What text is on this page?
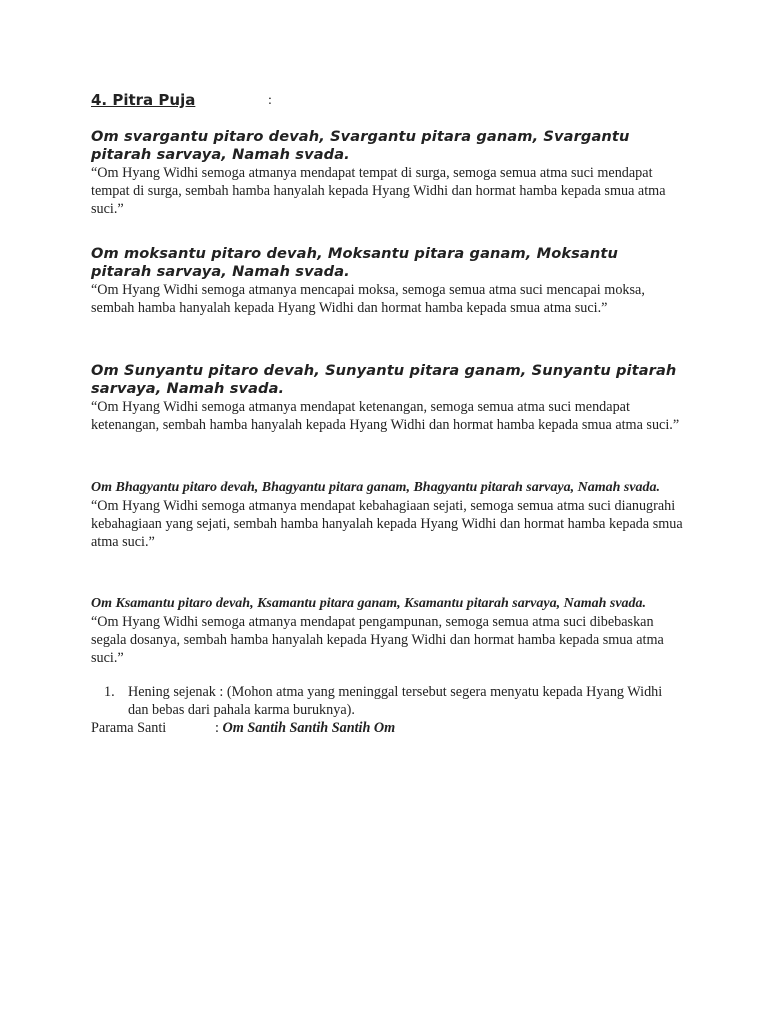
4. Pitra Puja	:
Om svargantu pitaro devah, Svargantu pitara ganam, Svargantu pitarah sarvaya, Namah svada.
“Om Hyang Widhi semoga atmanya mendapat tempat di surga, semoga semua atma suci mendapat tempat di surga, sembah hamba hanyalah kepada Hyang Widhi dan hormat hamba kepada smua atma suci.”
Om moksantu pitaro devah, Moksantu pitara ganam, Moksantu pitarah sarvaya, Namah svada.
“Om Hyang Widhi semoga atmanya mencapai moksa, semoga semua atma suci mencapai moksa, sembah hamba hanyalah kepada Hyang Widhi dan hormat hamba kepada smua atma suci.”
Om Sunyantu pitaro devah, Sunyantu pitara ganam, Sunyantu pitarah sarvaya, Namah svada.
“Om Hyang Widhi semoga atmanya mendapat ketenangan, semoga semua atma suci mendapat ketenangan, sembah hamba hanyalah kepada Hyang Widhi dan hormat hamba kepada smua atma suci.”
Om Bhagyantu pitaro devah, Bhagyantu pitara ganam, Bhagyantu pitarah sarvaya, Namah svada.
“Om Hyang Widhi semoga atmanya mendapat kebahagiaan sejati, semoga semua atma suci dianugrahi kebahagiaan yang sejati, sembah hamba hanyalah kepada Hyang Widhi dan hormat hamba kepada smua atma suci.”
Om Ksamantu pitaro devah, Ksamantu pitara ganam, Ksamantu pitarah sarvaya, Namah svada.
“Om Hyang Widhi semoga atmanya mendapat pengampunan, semoga semua atma suci dibebaskan segala dosanya, sembah hamba hanyalah kepada Hyang Widhi dan hormat hamba kepada smua atma suci.”
1. Hening sejenak : (Mohon atma yang meninggal tersebut segera menyatu kepada Hyang Widhi dan bebas dari pahala karma buruknya).
Parama Santi	: Om Santih Santih Santih Om
